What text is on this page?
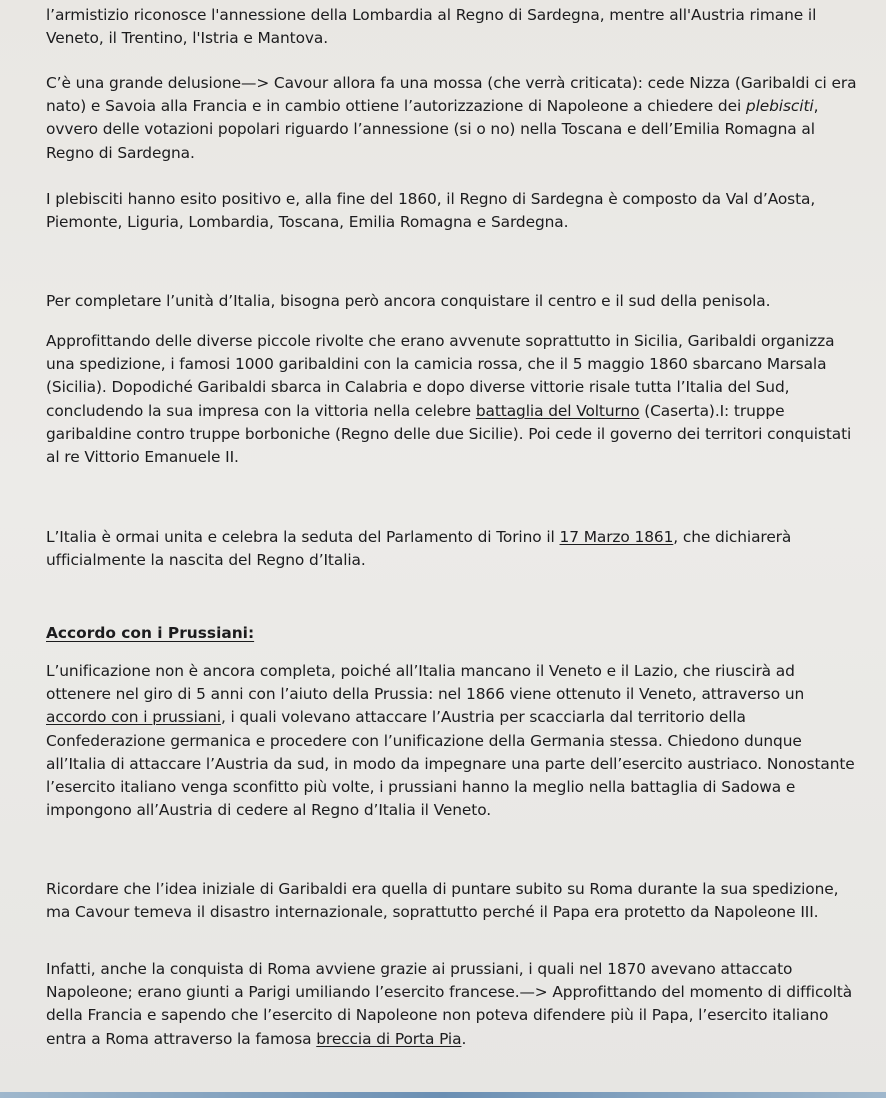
l’armistizio riconosce l'annessione della Lombardia al Regno di Sardegna, mentre all'Austria rimane il Veneto, il Trentino, l'Istria e Mantova.

C’è una grande delusione—> Cavour allora fa una mossa (che verrà criticata): cede Nizza (Garibaldi ci era nato) e Savoia alla Francia e in cambio ottiene l’autorizzazione di Napoleone a chiedere dei plebisciti, ovvero delle votazioni popolari riguardo l’annessione (si o no) nella Toscana e dell’Emilia Romagna al Regno di Sardegna.

I plebisciti hanno esito positivo e, alla fine del 1860, il Regno di Sardegna è composto da Val d’Aosta, Piemonte, Liguria, Lombardia, Toscana, Emilia Romagna e Sardegna.

Per completare l’unità d’Italia, bisogna però ancora conquistare il centro e il sud della penisola.

Approfittando delle diverse piccole rivolte che erano avvenute soprattutto in Sicilia, Garibaldi organizza una spedizione, i famosi 1000 garibaldini con la camicia rossa, che il 5 maggio 1860 sbarcano Marsala (Sicilia). Dopodiché Garibaldi sbarca in Calabria e dopo diverse vittorie risale tutta l’Italia del Sud, concludendo la sua impresa con la vittoria nella celebre battaglia del Volturno (Caserta).I: truppe garibaldine contro truppe borboniche (Regno delle due Sicilie). Poi cede il governo dei territori conquistati al re Vittorio Emanuele II.

L’Italia è ormai unita e celebra la seduta del Parlamento di Torino il 17 Marzo 1861, che dichiarerà ufficialmente la nascita del Regno d’Italia.

Accordo con i Prussiani:

L’unificazione non è ancora completa, poiché all’Italia mancano il Veneto e il Lazio, che riuscirà ad ottenere nel giro di 5 anni con l’aiuto della Prussia: nel 1866 viene ottenuto il Veneto, attraverso un accordo con i prussiani, i quali volevano attaccare l’Austria per scacciarla dal territorio della Confederazione germanica e procedere con l’unificazione della Germania stessa. Chiedono dunque all’Italia di attaccare l’Austria da sud, in modo da impegnare una parte dell’esercito austriaco. Nonostante l’esercito italiano venga sconfitto più volte, i prussiani hanno la meglio nella battaglia di Sadowa e impongono all’Austria di cedere al Regno d’Italia il Veneto.

Ricordare che l’idea iniziale di Garibaldi era quella di puntare subito su Roma durante la sua spedizione, ma Cavour temeva il disastro internazionale, soprattutto perché il Papa era protetto da Napoleone III.

Infatti, anche la conquista di Roma avviene grazie ai prussiani, i quali nel 1870 avevano attaccato Napoleone; erano giunti a Parigi umiliando l’esercito francese.—> Approfittando del momento di difficoltà della Francia e sapendo che l’esercito di Napoleone non poteva difendere più il Papa, l’esercito italiano entra a Roma attraverso la famosa breccia di Porta Pia.
